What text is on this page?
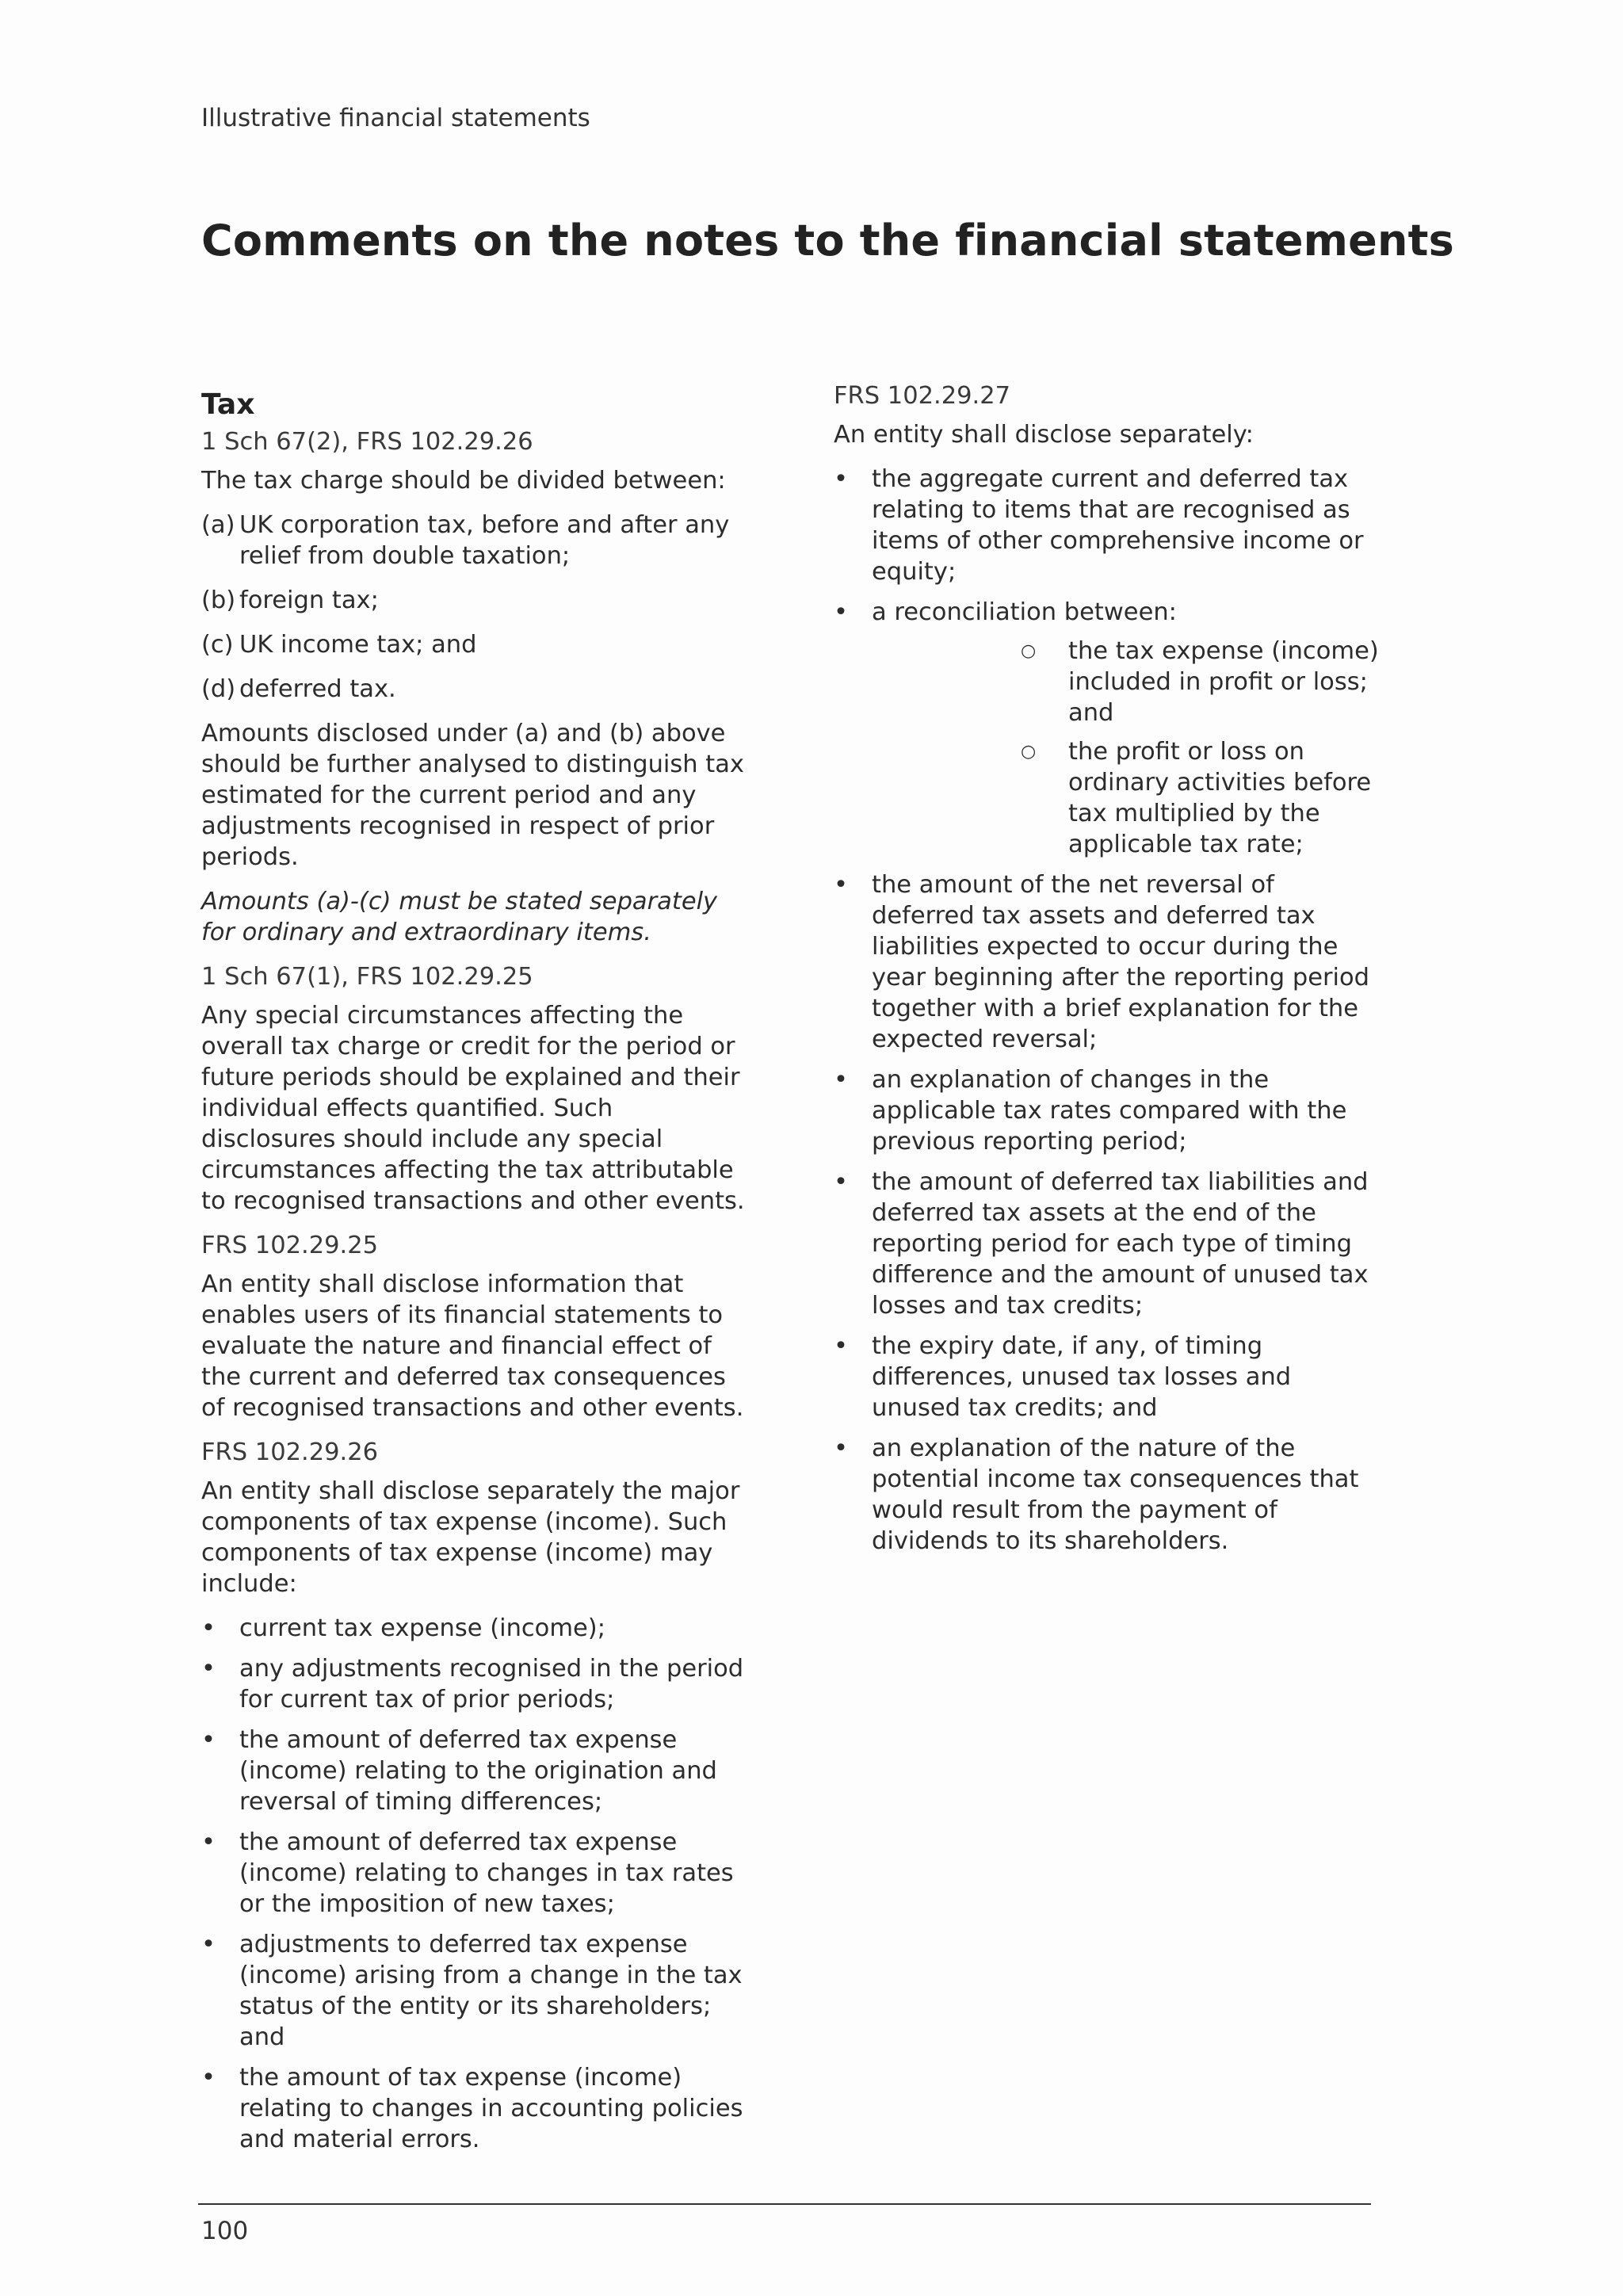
Illustrative financial statements
Comments on the notes to the financial statements
Tax
1 Sch 67(2), FRS 102.29.26
The tax charge should be divided between:
(a) UK corporation tax, before and after any relief from double taxation;
(b) foreign tax;
(c) UK income tax; and
(d) deferred tax.
Amounts disclosed under (a) and (b) above should be further analysed to distinguish tax estimated for the current period and any adjustments recognised in respect of prior periods.
Amounts (a)-(c) must be stated separately for ordinary and extraordinary items.
1 Sch 67(1), FRS 102.29.25
Any special circumstances affecting the overall tax charge or credit for the period or future periods should be explained and their individual effects quantified. Such disclosures should include any special circumstances affecting the tax attributable to recognised transactions and other events.
FRS 102.29.25
An entity shall disclose information that enables users of its financial statements to evaluate the nature and financial effect of the current and deferred tax consequences of recognised transactions and other events.
FRS 102.29.26
An entity shall disclose separately the major components of tax expense (income). Such components of tax expense (income) may include:
• current tax expense (income);
• any adjustments recognised in the period for current tax of prior periods;
• the amount of deferred tax expense (income) relating to the origination and reversal of timing differences;
• the amount of deferred tax expense (income) relating to changes in tax rates or the imposition of new taxes;
• adjustments to deferred tax expense (income) arising from a change in the tax status of the entity or its shareholders; and
• the amount of tax expense (income) relating to changes in accounting policies and material errors.
FRS 102.29.27
An entity shall disclose separately:
• the aggregate current and deferred tax relating to items that are recognised as items of other comprehensive income or equity;
• a reconciliation between:
○ the tax expense (income) included in profit or loss; and
○ the profit or loss on ordinary activities before tax multiplied by the applicable tax rate;
• the amount of the net reversal of deferred tax assets and deferred tax liabilities expected to occur during the year beginning after the reporting period together with a brief explanation for the expected reversal;
• an explanation of changes in the applicable tax rates compared with the previous reporting period;
• the amount of deferred tax liabilities and deferred tax assets at the end of the reporting period for each type of timing difference and the amount of unused tax losses and tax credits;
• the expiry date, if any, of timing differences, unused tax losses and unused tax credits; and
• an explanation of the nature of the potential income tax consequences that would result from the payment of dividends to its shareholders.
100
